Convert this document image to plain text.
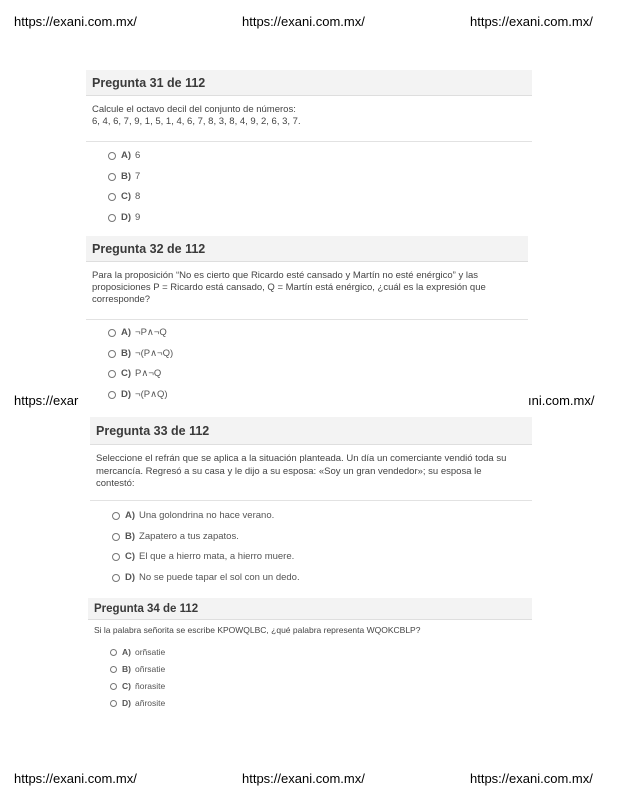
https://exani.com.mx/	https://exani.com.mx/	https://exani.com.mx/
https://exar	ıni.com.mx/
https://exani.com.mx/	https://exani.com.mx/	https://exani.com.mx/
Pregunta 31 de 112
Calcule el octavo decil del conjunto de números:
6, 4, 6, 7, 9, 1, 5, 1, 4, 6, 7, 8, 3, 8, 4, 9, 2, 6, 3, 7.
A) 6
B) 7
C) 8
D) 9
Pregunta 32 de 112
Para la proposición “No es cierto que Ricardo esté cansado y Martín no esté enérgico” y las
proposiciones P = Ricardo está cansado, Q = Martín está enérgico, ¿cuál es la expresión que
corresponde?
A) ¬P∧¬Q
B) ¬(P∧¬Q)
C) P∧¬Q
D) ¬(P∧Q)
Pregunta 33 de 112
Seleccione el refrán que se aplica a la situación planteada. Un día un comerciante vendió toda su
mercancía. Regresó a su casa y le dijo a su esposa: «Soy un gran vendedor»; su esposa le
contestó:
A) Una golondrina no hace verano.
B) Zapatero a tus zapatos.
C) El que a hierro mata, a hierro muere.
D) No se puede tapar el sol con un dedo.
Pregunta 34 de 112
Si la palabra señorita se escribe KPOWQLBC, ¿qué palabra representa WQOKCBLP?
A) orñsatie
B) oñrsatie
C) ñorasite
D) añrosite
